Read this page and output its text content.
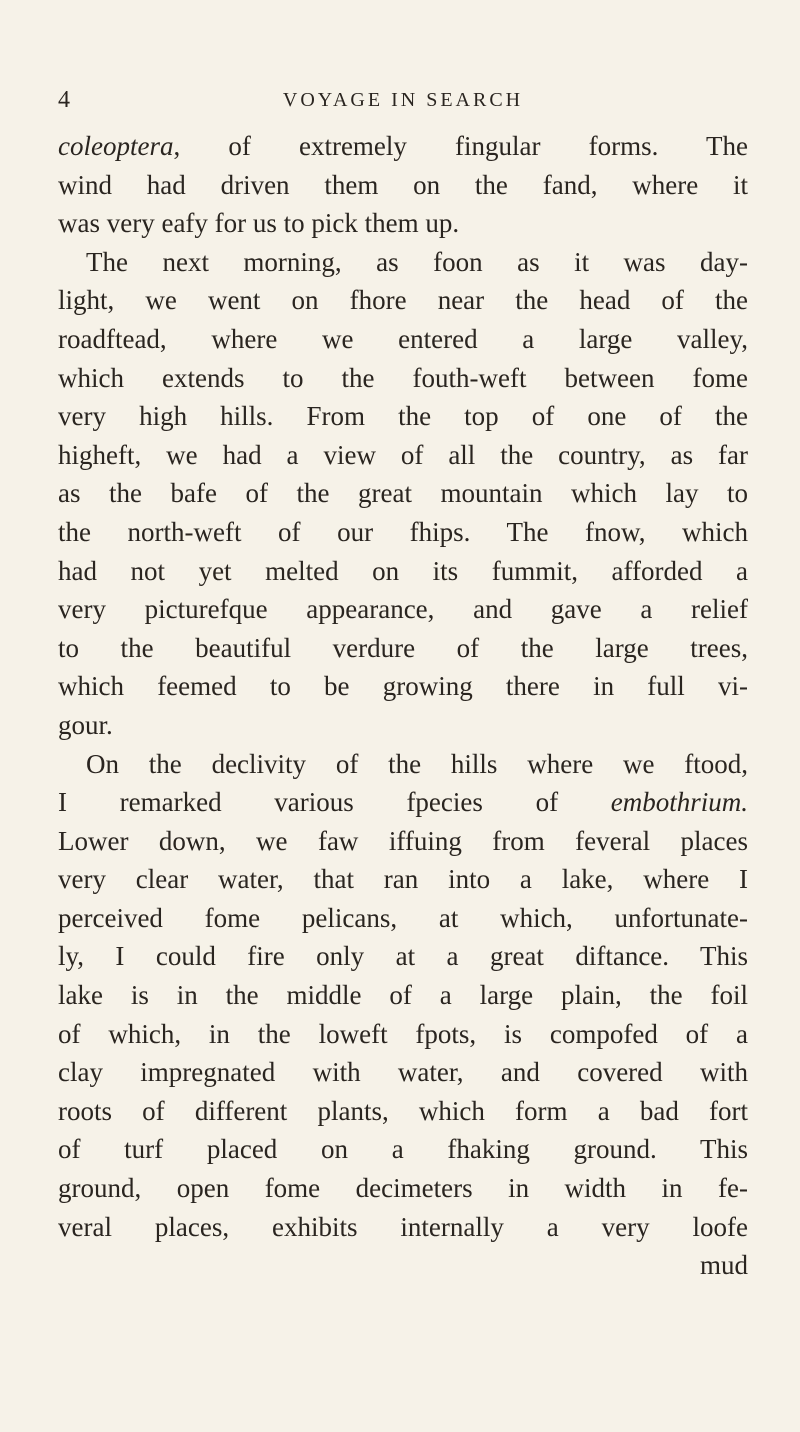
4	VOYAGE IN SEARCH
coleoptera, of extremely fingular forms. The
wind had driven them on the fand, where it
was very eafy for us to pick them up.
The next morning, as foon as it was day-
light, we went on fhore near the head of the
roadftead, where we entered a large valley,
which extends to the fouth-weft between fome
very high hills. From the top of one of the
higheft, we had a view of all the country, as far
as the bafe of the great mountain which lay to
the north-weft of our fhips. The fnow, which
had not yet melted on its fummit, afforded a
very picturefque appearance, and gave a relief
to the beautiful verdure of the large trees,
which feemed to be growing there in full vi-
gour.
On the declivity of the hills where we ftood,
I remarked various fpecies of embothrium.
Lower down, we faw iffuing from feveral places
very clear water, that ran into a lake, where I
perceived fome pelicans, at which, unfortunate-
ly, I could fire only at a great diftance. This
lake is in the middle of a large plain, the foil
of which, in the loweft fpots, is compofed of a
clay impregnated with water, and covered with
roots of different plants, which form a bad fort
of turf placed on a fhaking ground. This
ground, open fome decimeters in width in fe-
veral places, exhibits internally a very loofe
mud
